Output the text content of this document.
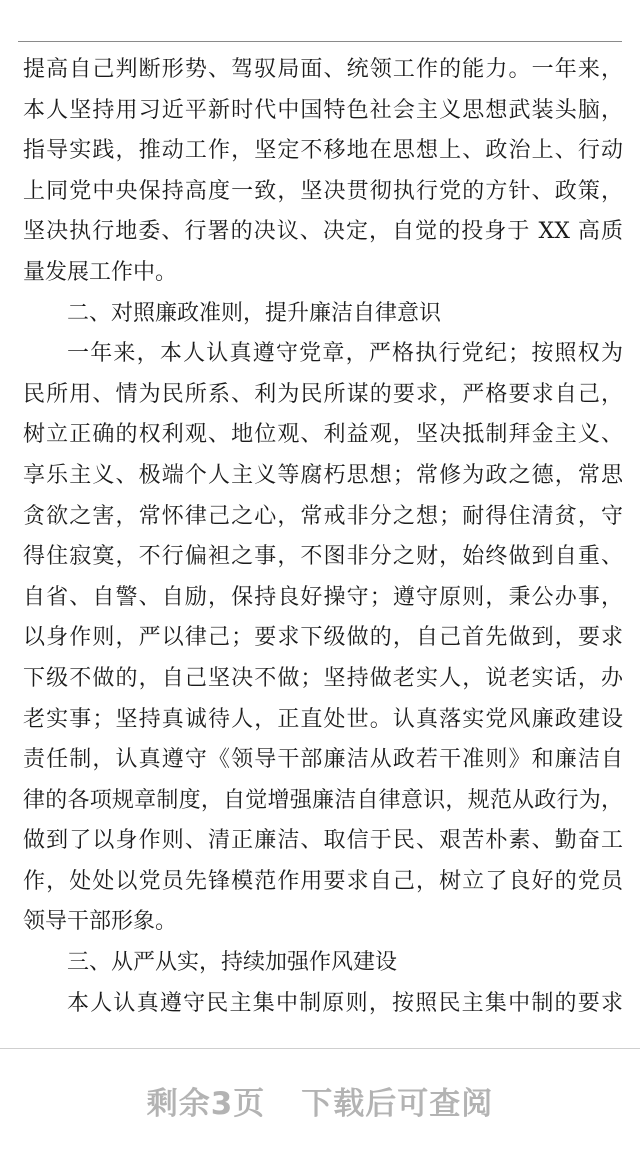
提高自己判断形势、驾驭局面、统领工作的能力。一年来，
本人坚持用习近平新时代中国特色社会主义思想武装头脑，
指导实践，推动工作，坚定不移地在思想上、政治上、行动
上同党中央保持高度一致，坚决贯彻执行党的方针、政策，
坚决执行地委、行署的决议、决定，自觉的投身于 XX 高质
量发展工作中。
二、对照廉政准则，提升廉洁自律意识
一年来，本人认真遵守党章，严格执行党纪；按照权为
民所用、情为民所系、利为民所谋的要求，严格要求自己，
树立正确的权利观、地位观、利益观，坚决抵制拜金主义、
享乐主义、极端个人主义等腐朽思想；常修为政之德，常思
贪欲之害，常怀律己之心，常戒非分之想；耐得住清贫，守
得住寂寞，不行偏袒之事，不图非分之财，始终做到自重、
自省、自警、自励，保持良好操守；遵守原则，秉公办事，
以身作则，严以律己；要求下级做的，自己首先做到，要求
下级不做的，自己坚决不做；坚持做老实人，说老实话，办
老实事；坚持真诚待人，正直处世。认真落实党风廉政建设
责任制，认真遵守《领导干部廉洁从政若干准则》和廉洁自
律的各项规章制度，自觉增强廉洁自律意识，规范从政行为，
做到了以身作则、清正廉洁、取信于民、艰苦朴素、勤奋工
作，处处以党员先锋模范作用要求自己，树立了良好的党员
领导干部形象。
三、从严从实，持续加强作风建设
本人认真遵守民主集中制原则，按照民主集中制的要求
剩余3页 下载后可查阅
